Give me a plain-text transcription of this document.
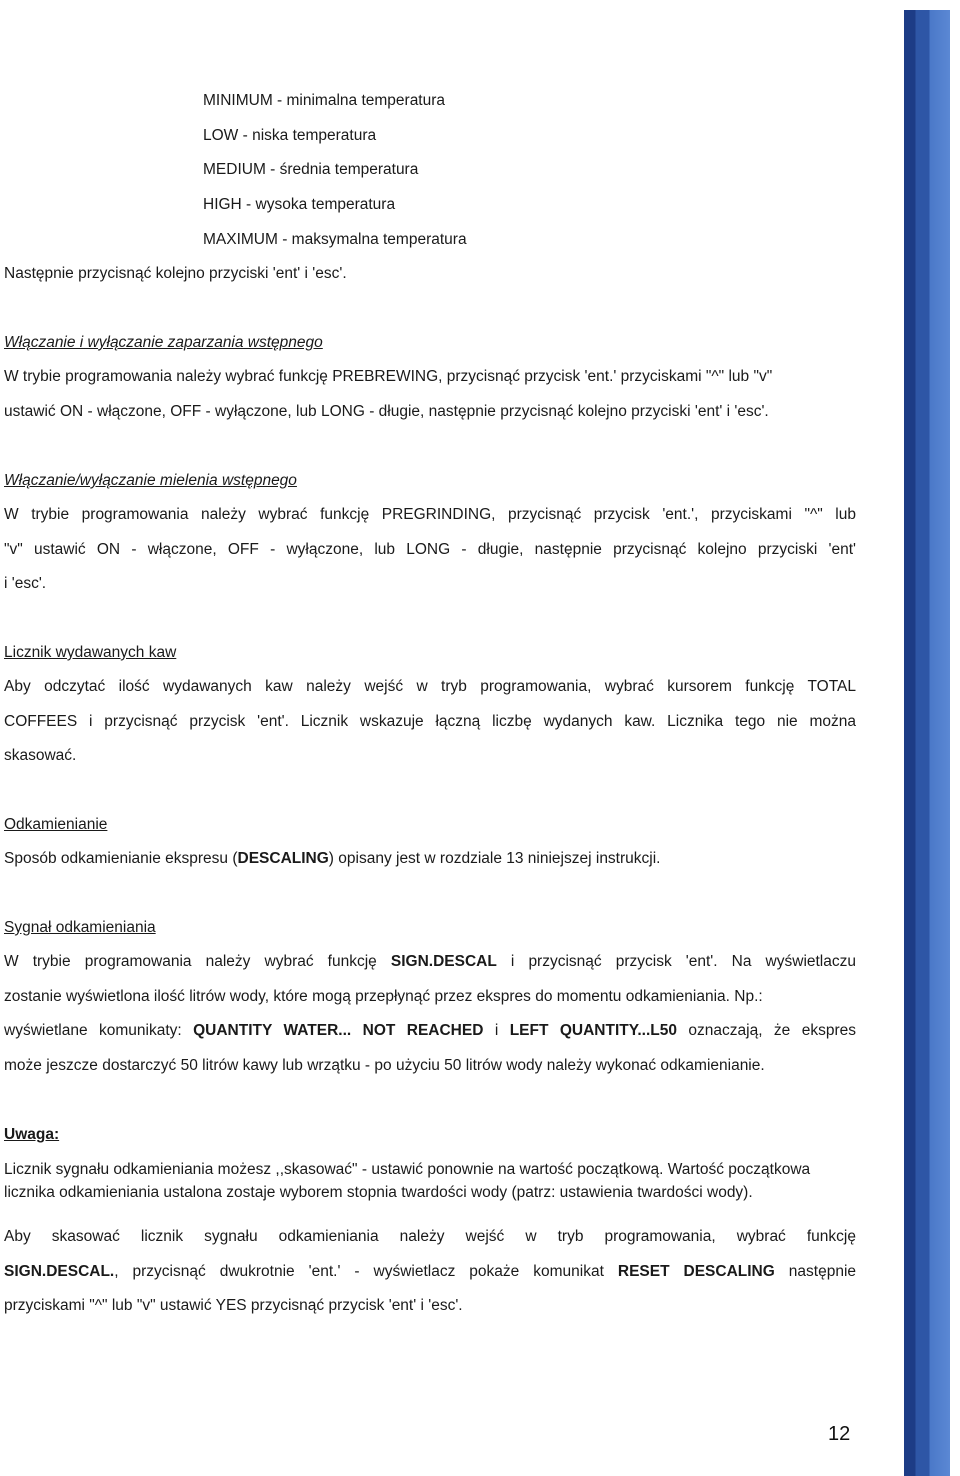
MINIMUM - minimalna temperatura
LOW - niska temperatura
MEDIUM - średnia temperatura
HIGH - wysoka temperatura
MAXIMUM - maksymalna temperatura
Następnie przycisnąć kolejno przyciski 'ent' i 'esc'.
Włączanie i wyłączanie zaparzania wstępnego
W trybie programowania należy wybrać funkcję PREBREWING, przycisnąć przycisk 'ent.' przyciskami "^" lub "v"
ustawić ON - włączone, OFF - wyłączone, lub LONG - długie, następnie przycisnąć kolejno przyciski 'ent' i 'esc'.
Włączanie/wyłączanie mielenia wstępnego
W trybie programowania należy wybrać funkcję PREGRINDING, przycisnąć przycisk 'ent.', przyciskami "^" lub
"v" ustawić ON - włączone, OFF - wyłączone, lub LONG - długie, następnie przycisnąć kolejno przyciski 'ent'
i 'esc'.
Licznik wydawanych kaw
Aby odczytać ilość wydawanych kaw należy wejść w tryb programowania, wybrać kursorem funkcję TOTAL
COFFEES i przycisnąć przycisk 'ent'. Licznik wskazuje łączną liczbę wydanych kaw. Licznika tego nie można
skasować.
Odkamienianie
Sposób odkamienianie ekspresu (DESCALING) opisany jest w rozdziale 13 niniejszej instrukcji.
Sygnał odkamieniania
W trybie programowania należy wybrać funkcję SIGN.DESCAL i przycisnąć przycisk 'ent'. Na wyświetlaczu
zostanie wyświetlona ilość litrów wody, które mogą przepłynąć przez ekspres do momentu odkamieniania. Np.:
wyświetlane komunikaty: QUANTITY WATER... NOT REACHED i LEFT QUANTITY...L50 oznaczają, że ekspres
może jeszcze dostarczyć 50 litrów kawy lub wrzątku - po użyciu 50 litrów wody należy wykonać odkamienianie.
Uwaga:
Licznik sygnału odkamieniania możesz ,,skasować" - ustawić ponownie na wartość początkową. Wartość początkowa licznika odkamieniania ustalona zostaje wyborem stopnia twardości wody (patrz: ustawienia twardości wody).
Aby skasować licznik sygnału odkamieniania należy wejść w tryb programowania, wybrać funkcję
SIGN.DESCAL., przycisnąć dwukrotnie 'ent.' - wyświetlacz pokaże komunikat RESET DESCALING następnie
przyciskami "^" lub "v" ustawić YES przycisnąć przycisk 'ent' i 'esc'.
12
